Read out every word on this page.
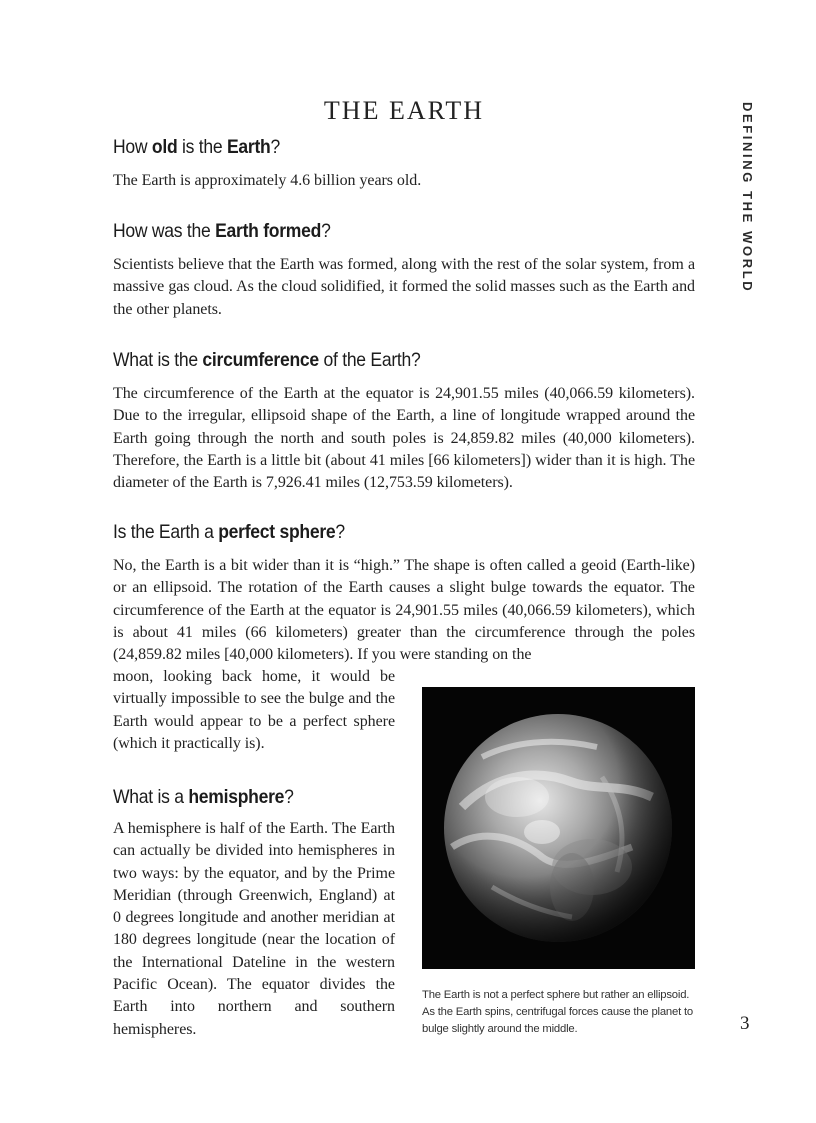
THE EARTH	DEFINING THE WORLD
How old is the Earth?

The Earth is approximately 4.6 billion years old.

How was the Earth formed?

Scientists believe that the Earth was formed, along with the rest of the solar system, from a massive gas cloud. As the cloud solidified, it formed the solid masses such as the Earth and the other planets.

What is the circumference of the Earth?

The circumference of the Earth at the equator is 24,901.55 miles (40,066.59 kilometers). Due to the irregular, ellipsoid shape of the Earth, a line of longitude wrapped around the Earth going through the north and south poles is 24,859.82 miles (40,000 kilometers). Therefore, the Earth is a little bit (about 41 miles [66 kilometers]) wider than it is high. The diameter of the Earth is 7,926.41 miles (12,753.59 kilometers).

Is the Earth a perfect sphere?

No, the Earth is a bit wider than it is “high.” The shape is often called a geoid (Earth-like) or an ellipsoid. The rotation of the Earth causes a slight bulge towards the equator. The circumference of the Earth at the equator is 24,901.55 miles (40,066.59 kilometers), which is about 41 miles (66 kilometers) greater than the circumference through the poles (24,859.82 miles [40,000 kilometers). If you were standing on the

moon, looking back home, it would be virtually impossible to see the bulge and the Earth would appear to be a perfect sphere (which it practically is).

What is a hemisphere?

A hemisphere is half of the Earth. The Earth can actually be divided into hemispheres in two ways: by the equator, and by the Prime Meridian (through Greenwich, England) at 0 degrees longitude and another meridian at 180 degrees longitude (near the location of the International Dateline in the western Pacific Ocean). The equator divides the Earth into northern and southern hemispheres.

The Earth is not a perfect sphere but rather an ellipsoid. As the Earth spins, centrifugal forces cause the planet to bulge slightly around the middle.	3
